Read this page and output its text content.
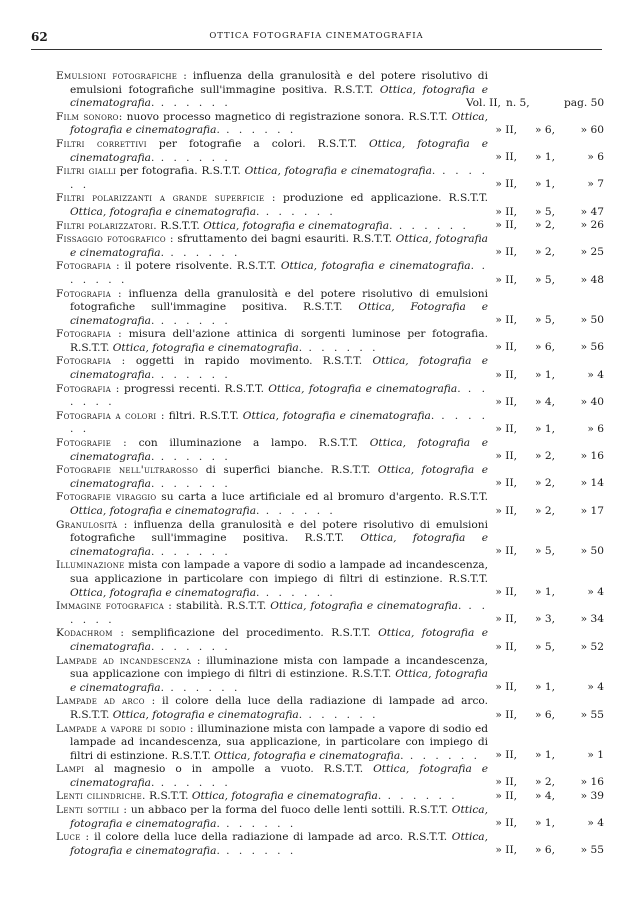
62	OTTICA FOTOGRAFIA CINEMATOGRAFIA
Emulsioni fotografiche : influenza della granulosità e del potere risolutivo di emulsioni fotografiche sull'immagine positiva. R.S.T.T. Ottica, fotografia e cinematografia. . . . . . .	Vol. II, n. 5,	pag. 50
Film sonoro: nuovo processo magnetico di registrazione sonora. R.S.T.T. Ottica, fotografia e cinematografia. . . . . . .	» II,	» 6,	» 60
Filtri correttivi per fotografie a colori. R.S.T.T. Ottica, fotografia e cinematografia. . . . . . .	» II,	» 1,	» 6
Filtri gialli per fotografia. R.S.T.T. Ottica, fotografia e cinematografia. . . . . . .	» II,	» 1,	» 7
Filtri polarizzanti a grande superficie : produzione ed applicazione. R.S.T.T. Ottica, fotografia e cinematografia. . . . . . .	» II,	» 5,	» 47
Filtri polarizzatori. R.S.T.T. Ottica, fotografia e cinematografia. . . . . . .	» II,	» 2,	» 26
Fissaggio fotografico : sfruttamento dei bagni esauriti. R.S.T.T. Ottica, fotografia e cinematografia. . . . . . .	» II,	» 2,	» 25
Fotografia : il potere risolvente. R.S.T.T. Ottica, fotografia e cinematografia. . . . . . .	» II,	» 5,	» 48
Fotografia : influenza della granulosità e del potere risolutivo di emulsioni fotografiche sull'immagine positiva. R.S.T.T. Ottica, Fotografia e cinematografia. . . . . . .	» II,	» 5,	» 50
Fotografia : misura dell'azione attinica di sorgenti luminose per fotografia. R.S.T.T. Ottica, fotografia e cinematografia. . . . . . .	» II,	» 6,	» 56
Fotografia : oggetti in rapido movimento. R.S.T.T. Ottica, fotografia e cinematografia. . . . . . .	» II,	» 1,	» 4
Fotografia : progressi recenti. R.S.T.T. Ottica, fotografia e cinematografia. . . . . . .	» II,	» 4,	» 40
Fotografia a colori : filtri. R.S.T.T. Ottica, fotografia e cinematografia. . . . . . .	» II,	» 1,	» 6
Fotografie : con illuminazione a lampo. R.S.T.T. Ottica, fotografia e cinematografia. . . . . . .	» II,	» 2,	» 16
Fotografie nell'ultrarosso di superfici bianche. R.S.T.T. Ottica, fotografia e cinematografia. . . . . . .	» II,	» 2,	» 14
Fotografie viraggio su carta a luce artificiale ed al bromuro d'argento. R.S.T.T. Ottica, fotografia e cinematografia. . . . . . .	» II,	» 2,	» 17
Granulosità : influenza della granulosità e del potere risolutivo di emulsioni fotografiche sull'immagine positiva. R.S.T.T. Ottica, fotografia e cinematografia. . . . . . .	» II,	» 5,	» 50
Illuminazione mista con lampade a vapore di sodio a lampade ad incandescenza, sua applicazione in particolare con impiego di filtri di estinzione. R.S.T.T. Ottica, fotografia e cinematografia. . . . . . .	» II,	» 1,	» 4
Immagine fotografica : stabilità. R.S.T.T. Ottica, fotografia e cinematografia. . . . . . .	» II,	» 3,	» 34
Kodachrom : semplificazione del procedimento. R.S.T.T. Ottica, fotografia e cinematografia. . . . . . .	» II,	» 5,	» 52
Lampade ad incandescenza : illuminazione mista con lampade a incandescenza, sua applicazione con impiego di filtri di estinzione. R.S.T.T. Ottica, fotografia e cinematografia. . . . . . .	» II,	» 1,	» 4
Lampade ad arco : il colore della luce della radiazione di lampade ad arco. R.S.T.T. Ottica, fotografia e cinematografia. . . . . . .	» II,	» 6,	» 55
Lampade a vapore di sodio : illuminazione mista con lampade a vapore di sodio ed lampade ad incandescenza, sua applicazione, in particolare con impiego di filtri di estinzione. R.S.T.T. Ottica, fotografia e cinematografia. . . . . . .	» II,	» 1,	» 1
Lampi al magnesio o in ampolle a vuoto. R.S.T.T. Ottica, fotografia e cinematografia. . . . . . .	» II,	» 2,	» 16
Lenti cilindriche. R.S.T.T. Ottica, fotografia e cinematografia. . . . . . .	» II,	» 4,	» 39
Lenti sottili : un abbaco per la forma del fuoco delle lenti sottili. R.S.T.T. Ottica, fotografia e cinematografia. . . . . . .	» II,	» 1,	» 4
Luce : il colore della luce della radiazione di lampade ad arco. R.S.T.T. Ottica, fotografia e cinematografia. . . . . . .	» II,	» 6,	» 55
